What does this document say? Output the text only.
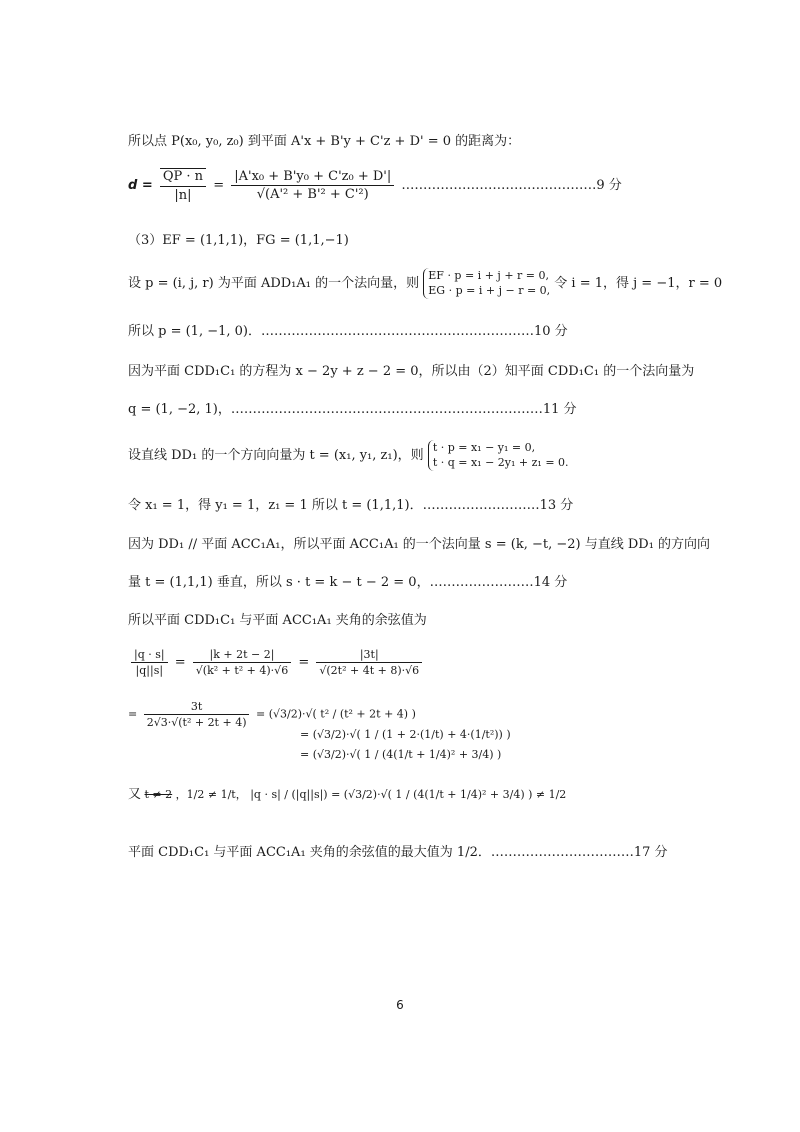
所以点 P(x₀, y₀, z₀) 到平面 A'x + B'y + C'z + D' = 0 的距离为：
$d = \frac{QP \cdot n}{|n|} = \frac{\text{|A'x₀ + B'y₀ + C'z₀ + D'|}}{\text{√(A'² + B'² + C'²)}}$ ………………………………………9 分
（3）EF = (1,1,1)，FG = (1,1,−1)
设 p = (i, j, r) 为平面 ADD₁A₁ 的一个法向量，则
EF · p = i + j + r = 0,
EG · p = i + j − r = 0, 令 i = 1，得 j = −1，r = 0
所以 p = (1, −1, 0)．………………………………………………………10 分
因为平面 CDD₁C₁ 的方程为 x − 2y + z − 2 = 0，所以由（2）知平面 CDD₁C₁ 的一个法向量为
q = (1, −2, 1)，………………………………………………………………11 分
设直线 DD₁ 的一个方向向量为 t = (x₁, y₁, z₁)，则
t · p = x₁ − y₁ = 0,
t · q = x₁ − 2y₁ + z₁ = 0.
令 x₁ = 1，得 y₁ = 1，z₁ = 1 所以 t = (1,1,1)．………………………13 分
因为 DD₁ // 平面 ACC₁A₁，所以平面 ACC₁A₁ 的一个法向量 s = (k, −t, −2) 与直线 DD₁ 的方向向
量 t = (1,1,1) 垂直，所以 s · t = k − t − 2 = 0，……………………14 分
所以平面 CDD₁C₁ 与平面 ACC₁A₁ 夹角的余弦值为
$\frac{|q \cdot s|}{|q||s|} = \frac{|k + 2t - 2|}{\text{√(k² + t² + 4)·√6}} = \frac{|3t|}{\text{√(2t² + 4t + 8)·√6}}$
= $\frac{3t}{\text{2√3·√(t² + 2t + 4)}} = (√3/2)\cdot√$( t² / (t² + 2t + 4) )
= (√3/2)·√( 1 / (1 + 2·(1/t) + 4·(1/t²)) )
= (√3/2)·√( 1 / (4(1/t + 1/4)² + 3/4) )
又 t ≠ 2 ，1/2 ≠ 1/t， |q · s| / (|q||s|) = (√3/2)·√( 1 / (4(1/t + 1/4)² + 3/4) ) ≠ 1/2
平面 CDD₁C₁ 与平面 ACC₁A₁ 夹角的余弦值的最大值为 1/2．……………………………17 分
6
